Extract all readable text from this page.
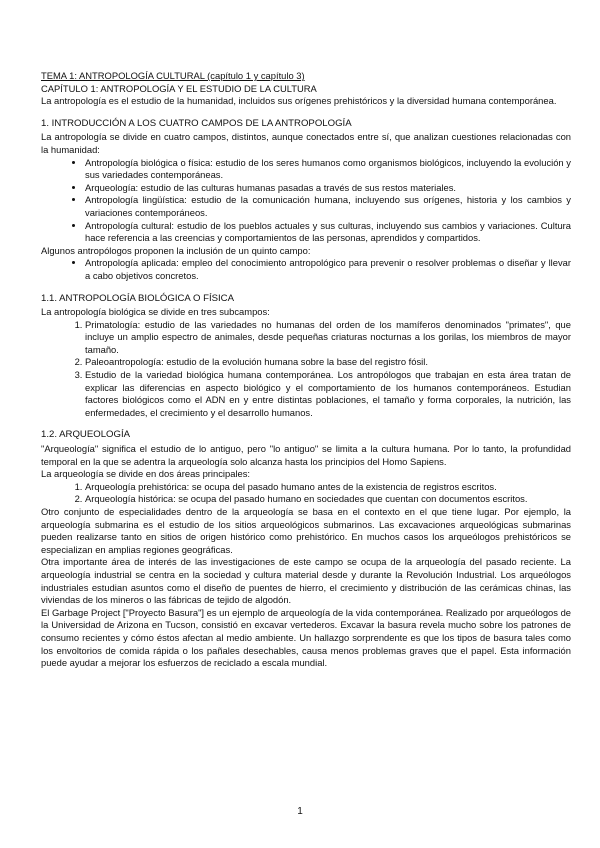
TEMA 1: ANTROPOLOGÍA CULTURAL (capítulo 1 y capítulo 3)

CAPÍTULO 1: ANTROPOLOGÍA Y EL ESTUDIO DE LA CULTURA

La antropología es el estudio de la humanidad, incluidos sus orígenes prehistóricos y la diversidad humana contemporánea.

1. INTRODUCCIÓN A LOS CUATRO CAMPOS DE LA ANTROPOLOGÍA

La antropología se divide en cuatro campos, distintos, aunque conectados entre sí, que analizan cuestiones relacionadas con la humanidad:

• Antropología biológica o física: estudio de los seres humanos como organismos biológicos, incluyendo la evolución y sus variedades contemporáneas.
• Arqueología: estudio de las culturas humanas pasadas a través de sus restos materiales.
• Antropología lingüística: estudio de la comunicación humana, incluyendo sus orígenes, historia y los cambios y variaciones contemporáneos.
• Antropología cultural: estudio de los pueblos actuales y sus culturas, incluyendo sus cambios y variaciones. Cultura hace referencia a las creencias y comportamientos de las personas, aprendidos y compartidos.

Algunos antropólogos proponen la inclusión de un quinto campo:

• Antropología aplicada: empleo del conocimiento antropológico para prevenir o resolver problemas o diseñar y llevar a cabo objetivos concretos.
1.1. ANTROPOLOGÍA BIOLÓGICA O FÍSICA

La antropología biológica se divide en tres subcampos:

1. Primatología: estudio de las variedades no humanas del orden de los mamíferos denominados "primates", que incluye un amplio espectro de animales, desde pequeñas criaturas nocturnas a los gorilas, los miembros de mayor tamaño.
2. Paleoantropología: estudio de la evolución humana sobre la base del registro fósil.
3. Estudio de la variedad biológica humana contemporánea. Los antropólogos que trabajan en esta área tratan de explicar las diferencias en aspecto biológico y el comportamiento de los humanos contemporáneos. Estudian factores biológicos como el ADN en y entre distintas poblaciones, el tamaño y forma corporales, la nutrición, las enfermedades, el crecimiento y el desarrollo humanos.
1.2. ARQUEOLOGÍA

"Arqueología" significa el estudio de lo antiguo, pero "lo antiguo" se limita a la cultura humana. Por lo tanto, la profundidad temporal en la que se adentra la arqueología solo alcanza hasta los principios del Homo Sapiens.

La arqueología se divide en dos áreas principales:

1. Arqueología prehistórica: se ocupa del pasado humano antes de la existencia de registros escritos.
2. Arqueología histórica: se ocupa del pasado humano en sociedades que cuentan con documentos escritos.

Otro conjunto de especialidades dentro de la arqueología se basa en el contexto en el que tiene lugar. Por ejemplo, la arqueología submarina es el estudio de los sitios arqueológicos submarinos. Las excavaciones arqueológicas submarinas pueden realizarse tanto en sitios de origen histórico como prehistórico. En muchos casos los arqueólogos prehistóricos se especializan en amplias regiones geográficas.

Otra importante área de interés de las investigaciones de este campo se ocupa de la arqueología del pasado reciente. La arqueología industrial se centra en la sociedad y cultura material desde y durante la Revolución Industrial. Los arqueólogos industriales estudian asuntos como el diseño de puentes de hierro, el crecimiento y distribución de las cerámicas chinas, las viviendas de los mineros o las fábricas de tejido de algodón.

El Garbage Project ["Proyecto Basura"] es un ejemplo de arqueología de la vida contemporánea. Realizado por arqueólogos de la Universidad de Arizona en Tucson, consistió en excavar vertederos. Excavar la basura revela mucho sobre los patrones de consumo recientes y cómo éstos afectan al medio ambiente. Un hallazgo sorprendente es que los tipos de basura tales como los envoltorios de comida rápida o los pañales desechables, causa menos problemas graves que el papel. Esta información puede ayudar a mejorar los esfuerzos de reciclado a escala mundial.

1
